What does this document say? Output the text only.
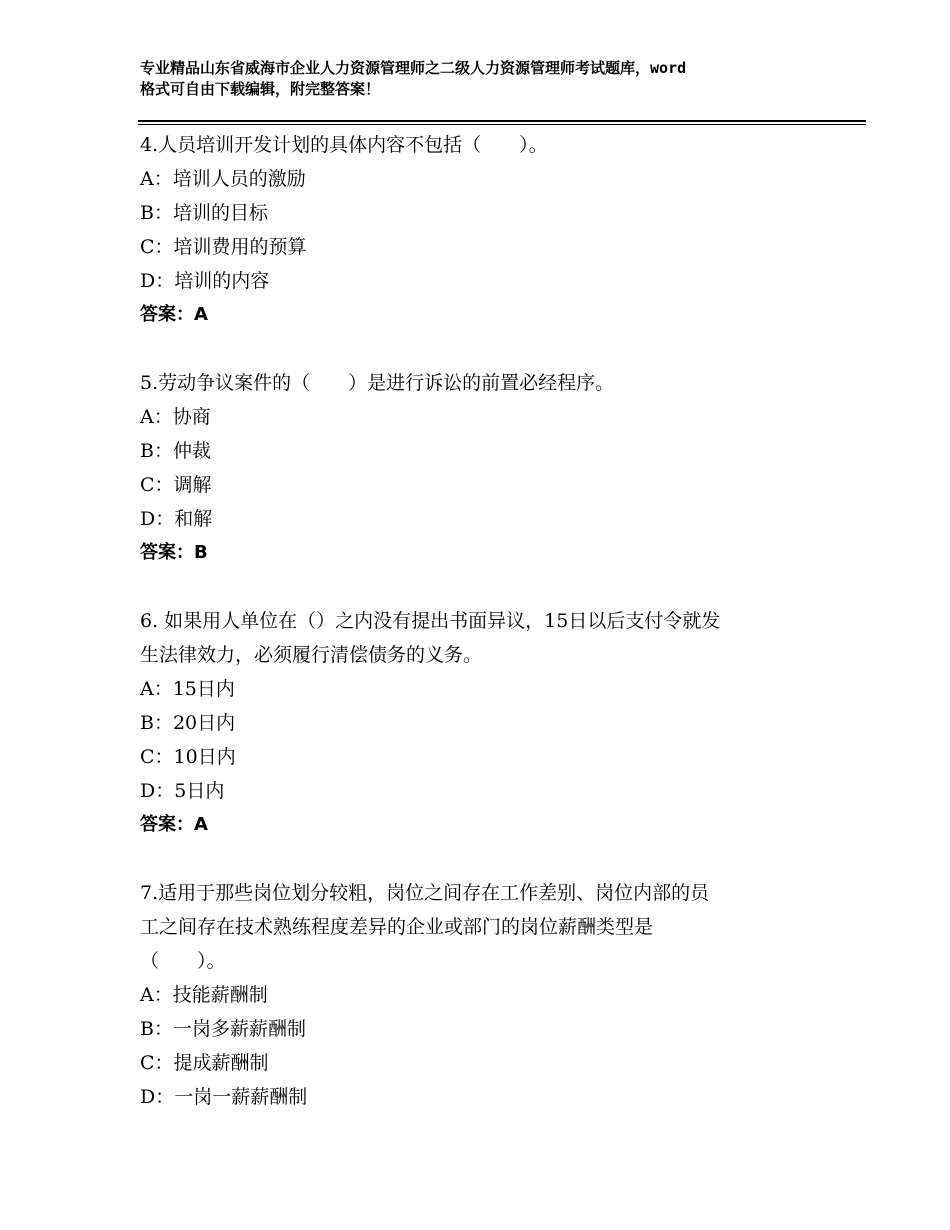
专业精品山东省威海市企业人力资源管理师之二级人力资源管理师考试题库，word
格式可自由下载编辑，附完整答案！
4.人员培训开发计划的具体内容不包括（　　）。
A：培训人员的激励
B：培训的目标
C：培训费用的预算
D：培训的内容
答案：A
5.劳动争议案件的（　　）是进行诉讼的前置必经程序。
A：协商
B：仲裁
C：调解
D：和解
答案：B
6. 如果用人单位在（）之内没有提出书面异议，15日以后支付令就发
生法律效力，必须履行清偿债务的义务。
A：15日内
B：20日内
C：10日内
D：5日内
答案：A
7.适用于那些岗位划分较粗，岗位之间存在工作差别、岗位内部的员
工之间存在技术熟练程度差异的企业或部门的岗位薪酬类型是
（　　）。
A：技能薪酬制
B：一岗多薪薪酬制
C：提成薪酬制
D：一岗一薪薪酬制
